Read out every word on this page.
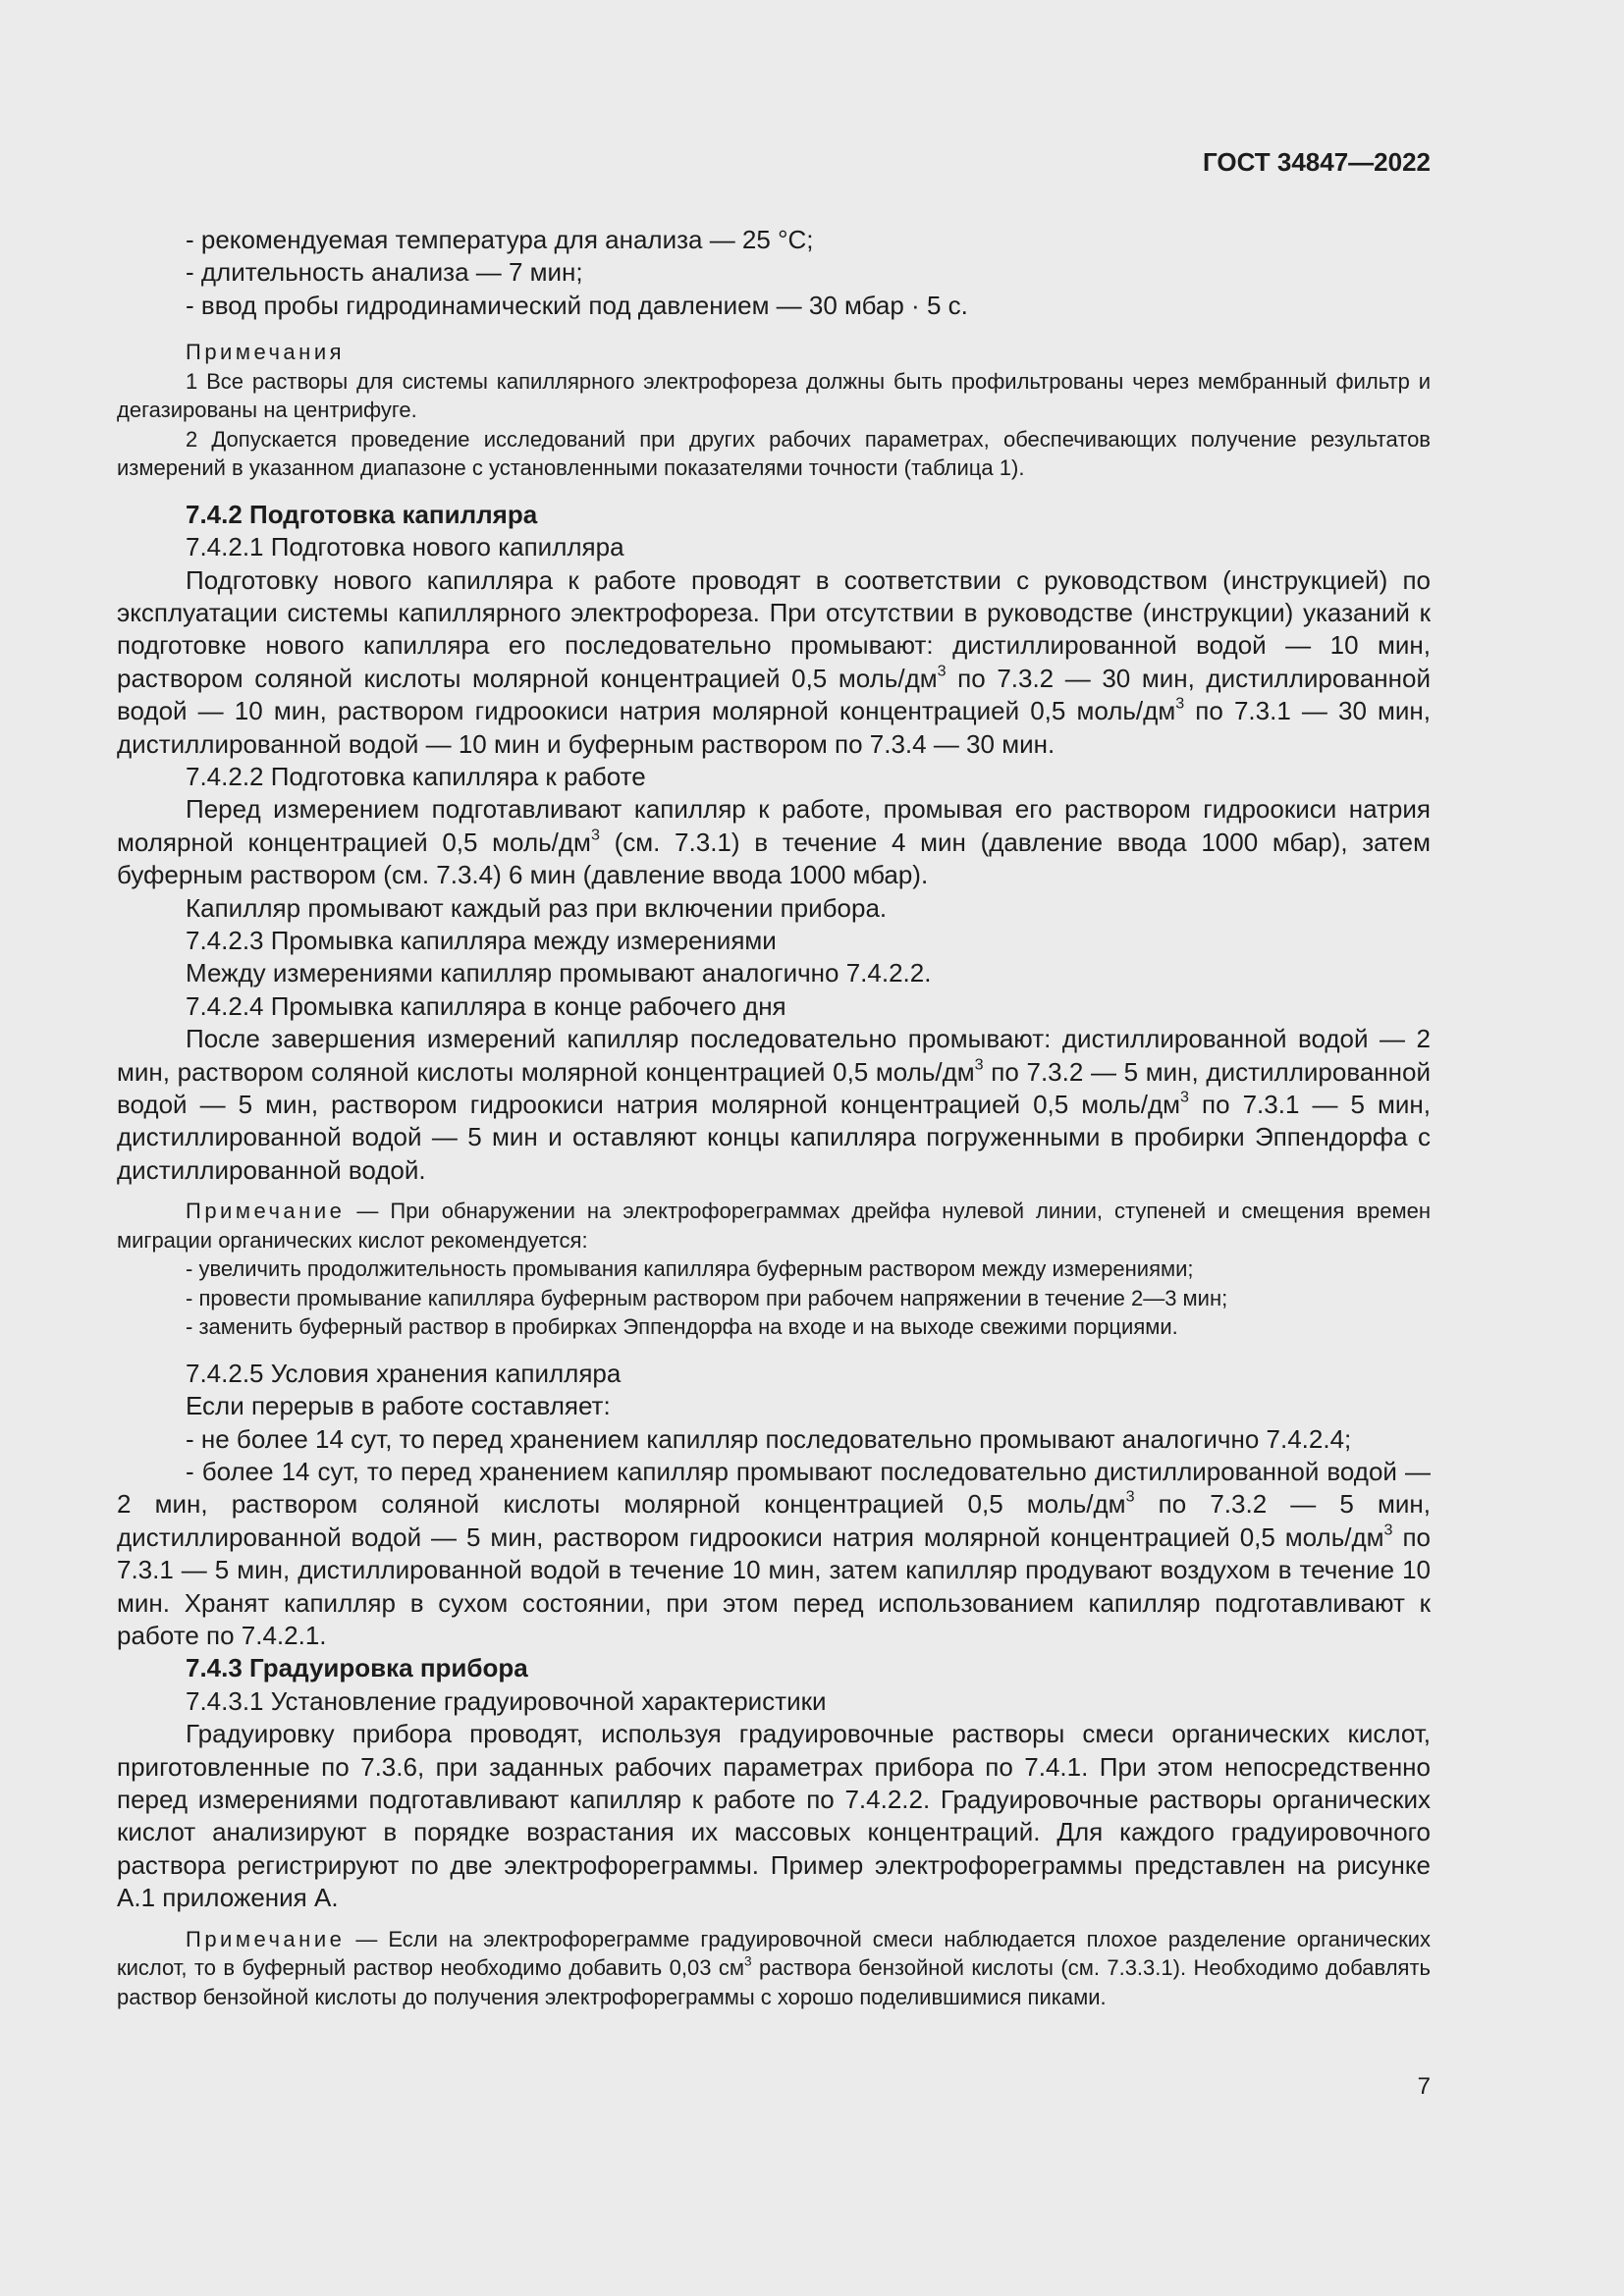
ГОСТ 34847—2022

- рекомендуемая температура для анализа — 25 °С;

- длительность анализа — 7 мин;

- ввод пробы гидродинамический под давлением — 30 мбар · 5 с.

Примечания

1 Все растворы для системы капиллярного электрофореза должны быть профильтрованы через мембранный фильтр и дегазированы на центрифуге.

2 Допускается проведение исследований при других рабочих параметрах, обеспечивающих получение результатов измерений в указанном диапазоне с установленными показателями точности (таблица 1).

7.4.2 Подготовка капилляра

7.4.2.1 Подготовка нового капилляра

Подготовку нового капилляра к работе проводят в соответствии с руководством (инструкцией) по эксплуатации системы капиллярного электрофореза. При отсутствии в руководстве (инструкции) указаний к подготовке нового капилляра его последовательно промывают: дистиллированной водой — 10 мин, раствором соляной кислоты молярной концентрацией 0,5 моль/$дм^3$ по 7.3.2 — 30 мин, дистиллированной водой — 10 мин, раствором гидроокиси натрия молярной концентрацией 0,5 моль/$дм^3$ по 7.3.1 — 30 мин, дистиллированной водой — 10 мин и буферным раствором по 7.3.4 — 30 мин.

7.4.2.2 Подготовка капилляра к работе

Перед измерением подготавливают капилляр к работе, промывая его раствором гидроокиси натрия молярной концентрацией 0,5 моль/$дм^3$ (см. 7.3.1) в течение 4 мин (давление ввода 1000 мбар), затем буферным раствором (см. 7.3.4) 6 мин (давление ввода 1000 мбар).

Капилляр промывают каждый раз при включении прибора.

7.4.2.3 Промывка капилляра между измерениями

Между измерениями капилляр промывают аналогично 7.4.2.2.

7.4.2.4 Промывка капилляра в конце рабочего дня

После завершения измерений капилляр последовательно промывают: дистиллированной водой — 2 мин, раствором соляной кислоты молярной концентрацией 0,5 моль/$дм^3$ по 7.3.2 — 5 мин, дистиллированной водой — 5 мин, раствором гидроокиси натрия молярной концентрацией 0,5 моль/$дм^3$ по 7.3.1 — 5 мин, дистиллированной водой — 5 мин и оставляют концы капилляра погруженными в пробирки Эппендорфа с дистиллированной водой.

Примечание — При обнаружении на электрофореграммах дрейфа нулевой линии, ступеней и смещения времен миграции органических кислот рекомендуется:

- увеличить продолжительность промывания капилляра буферным раствором между измерениями;

- провести промывание капилляра буферным раствором при рабочем напряжении в течение 2—3 мин;

- заменить буферный раствор в пробирках Эппендорфа на входе и на выходе свежими порциями.

7.4.2.5 Условия хранения капилляра

Если перерыв в работе составляет:

- не более 14 сут, то перед хранением капилляр последовательно промывают аналогично 7.4.2.4;

- более 14 сут, то перед хранением капилляр промывают последовательно дистиллированной водой — 2 мин, раствором соляной кислоты молярной концентрацией 0,5 моль/$дм^3$ по 7.3.2 — 5 мин, дистиллированной водой — 5 мин, раствором гидроокиси натрия молярной концентрацией 0,5 моль/$дм^3$ по 7.3.1 — 5 мин, дистиллированной водой в течение 10 мин, затем капилляр продувают воздухом в течение 10 мин. Хранят капилляр в сухом состоянии, при этом перед использованием капилляр подготавливают к работе по 7.4.2.1.

7.4.3 Градуировка прибора

7.4.3.1 Установление градуировочной характеристики

Градуировку прибора проводят, используя градуировочные растворы смеси органических кислот, приготовленные по 7.3.6, при заданных рабочих параметрах прибора по 7.4.1. При этом непосредственно перед измерениями подготавливают капилляр к работе по 7.4.2.2. Градуировочные растворы органических кислот анализируют в порядке возрастания их массовых концентраций. Для каждого градуировочного раствора регистрируют по две электрофореграммы. Пример электрофореграммы представлен на рисунке А.1 приложения А.

Примечание — Если на электрофореграмме градуировочной смеси наблюдается плохое разделение органических кислот, то в буферный раствор необходимо добавить 0,03 $см^3$ раствора бензойной кислоты (см. 7.3.3.1). Необходимо добавлять раствор бензойной кислоты до получения электрофореграммы с хорошо поделившимися пиками.

7
